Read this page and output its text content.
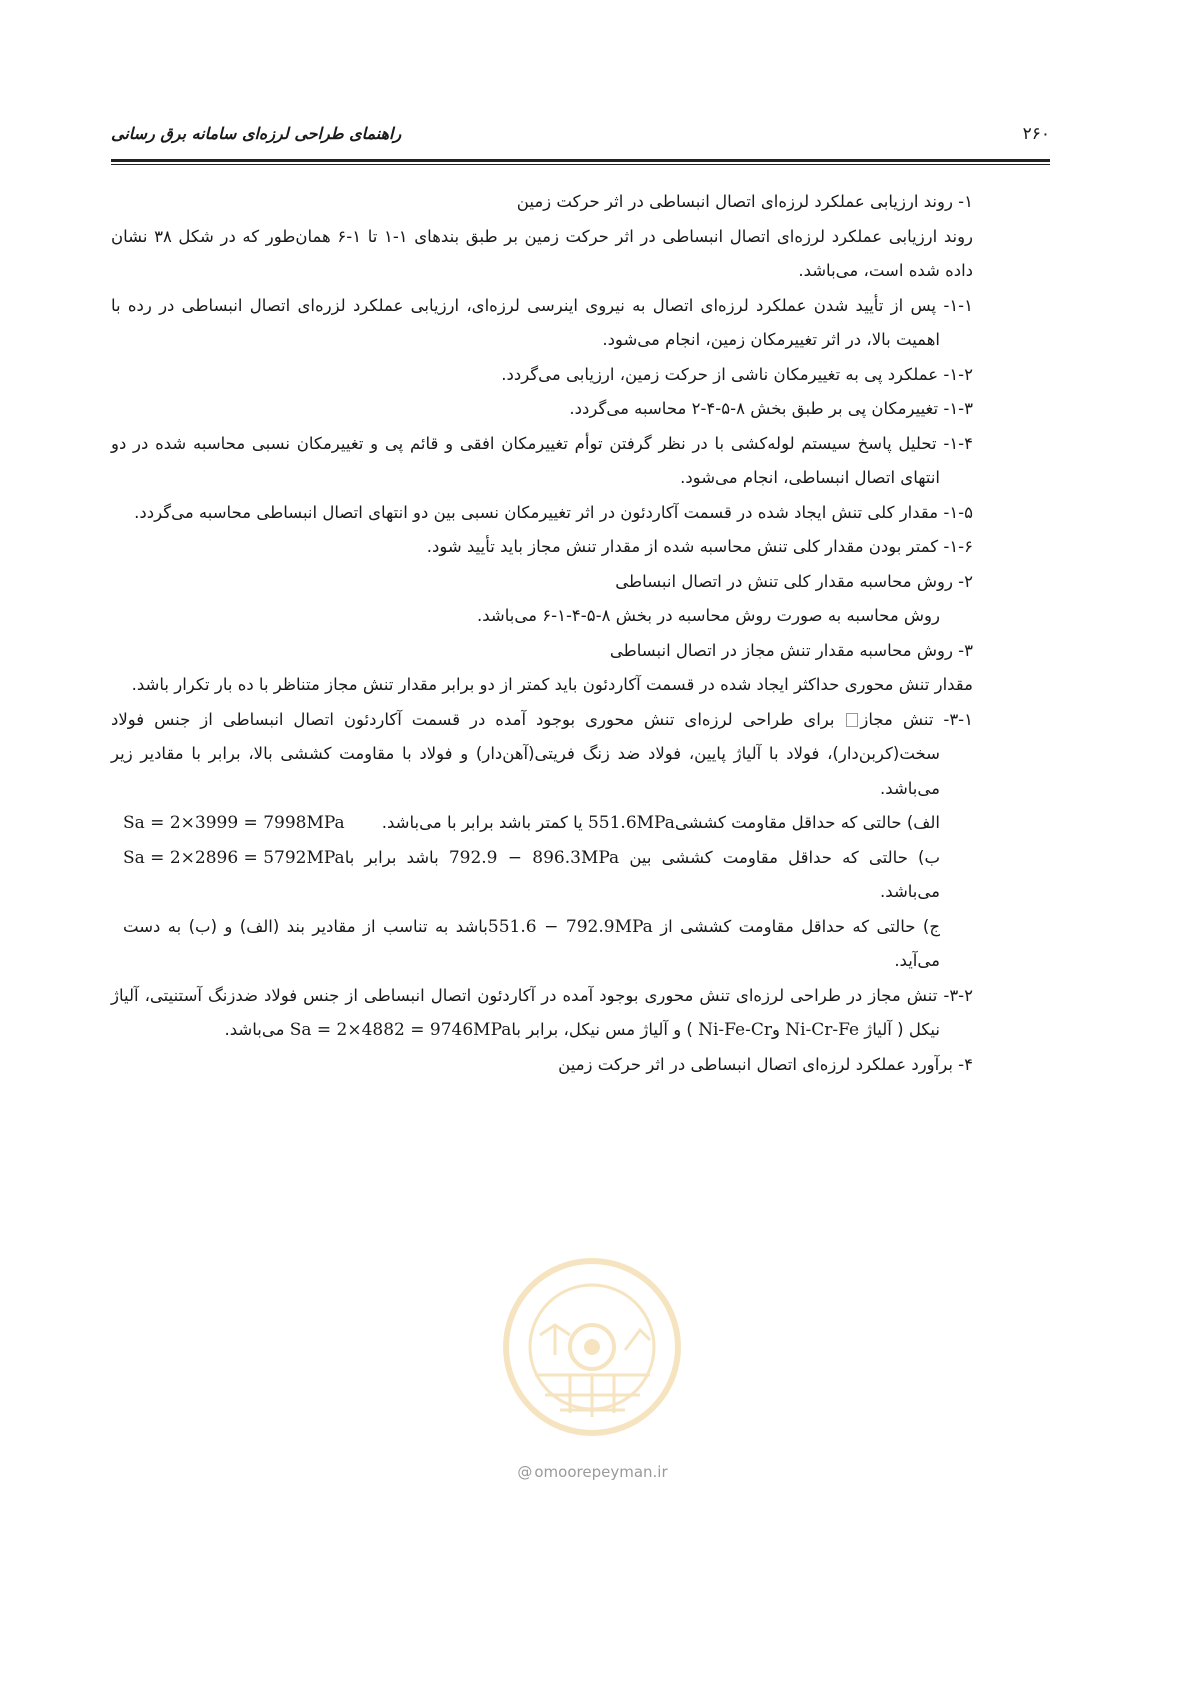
۲۶۰
راهنمای طراحی لرزه‌ای سامانه برق رسانی

۱- روند ارزیابی عملکرد لرزه‌ای اتصال انبساطی در اثر حرکت زمین

روند ارزیابی عملکرد لرزه‌ای اتصال انبساطی در اثر حرکت زمین بر طبق بندهای ۱-۱ تا ۱-۶ همان‌طور که در شکل ۳۸ نشان داده شده است، می‌باشد.

۱-۱- پس از تأیید شدن عملکرد لرزه‌ای اتصال به نیروی اینرسی لرزه‌ای، ارزیابی عملکرد لزره‌ای اتصال انبساطی در رده با اهمیت بالا، در اثر تغییرمکان زمین، انجام می‌شود.

۱-۲- عملکرد پی به تغییرمکان ناشی از حرکت زمین، ارزیابی می‌گردد.

۱-۳- تغییرمکان پی بر طبق بخش ۸-۵-۴-۲ محاسبه می‌گردد.

۱-۴- تحلیل پاسخ سیستم لوله‌کشی با در نظر گرفتن توأم تغییرمکان افقی و قائم پی و تغییرمکان نسبی محاسبه شده در دو انتهای اتصال انبساطی، انجام می‌شود.

۱-۵- مقدار کلی تنش ایجاد شده در قسمت آکاردئون در اثر تغییرمکان نسبی بین دو انتهای اتصال انبساطی محاسبه می‌گردد.

۱-۶- کمتر بودن مقدار کلی تنش محاسبه شده از مقدار تنش مجاز باید تأیید شود.

۲- روش محاسبه مقدار کلی تنش در اتصال انبساطی

روش محاسبه به صورت روش محاسبه در بخش ۸-۵-۴-۱-۶ می‌باشد.

۳- روش محاسبه مقدار تنش مجاز در اتصال انبساطی

مقدار تنش محوری حداکثر ایجاد شده در قسمت آکاردئون باید کمتر از دو برابر مقدار تنش مجاز متناظر با ده بار تکرار باشد.

۳-۱- تنش مجاز برای طراحی لرزه‌ای تنش محوری بوجود آمده در قسمت آکاردئون اتصال انبساطی از جنس فولاد سخت(کربن‌دار)، فولاد با آلیاژ پایین، فولاد ضد زنگ فریتی(آهن‌دار) و فولاد با مقاومت کششی بالا، برابر با مقادیر زیر می‌باشد.

Sa = 2×3999 = 7998MPa	الف) حالتی که حداقل مقاومت کششی551.6MPa یا کمتر باشد برابر با می‌باشد.

Sa = 2×2896 = 5792MPa	ب) حالتی که حداقل مقاومت کششی بین 792.9 − 896.3MPa باشد برابر با می‌باشد.

ج) حالتی که حداقل مقاومت کششی از 551.6 − 792.9MPaباشد به تناسب از مقادیر بند (الف) و (ب) به دست می‌آید.

۳-۲- تنش مجاز در طراحی لرزه‌ای تنش محوری بوجود آمده در آکاردئون اتصال انبساطی از جنس فولاد ضدزنگ آستنیتی، آلیاژ نیکل ( آلیاژ Ni-Cr-Fe وNi-Fe-Cr ) و آلیاژ مس نیکل، برابر باSa = 2×4882 = 9746MPa می‌باشد.

۴- برآورد عملکرد لرزه‌ای اتصال انبساطی در اثر حرکت زمین

@ omoorepeyman.ir
